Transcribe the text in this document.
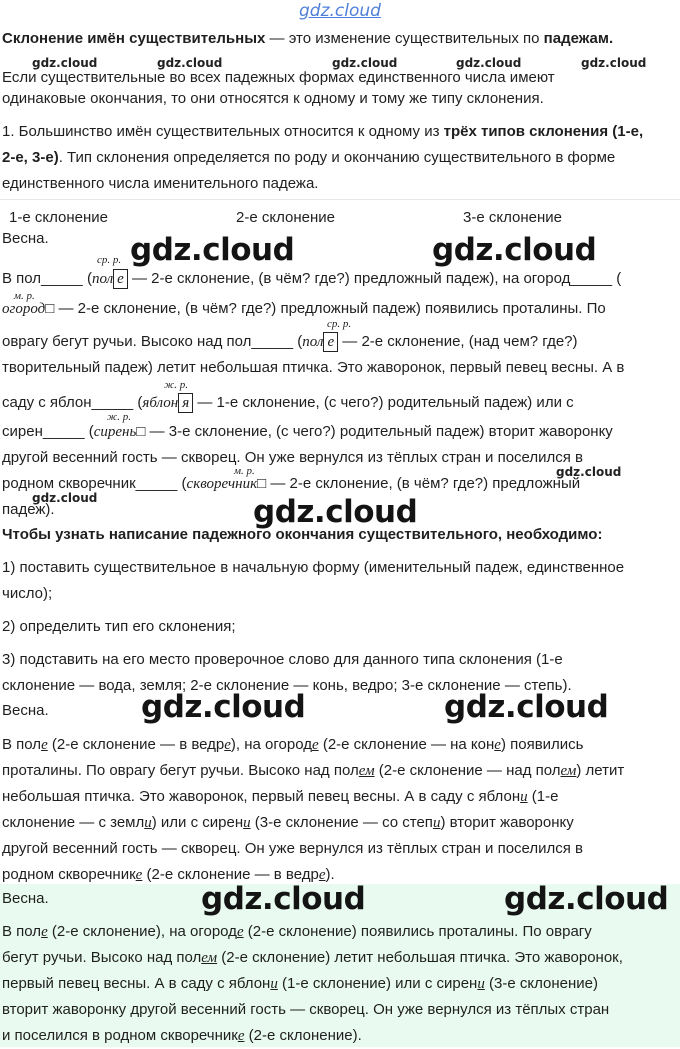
gdz.cloud
gdz.cloud	gdz.cloud	gdz.cloud	gdz.cloud	gdz.cloud
gdz.cloud
gdz.cloud
gdz.cloud	gdz.cloud
gdz.cloud
gdz.cloud	gdz.cloud
gdz.cloud	gdz.cloud
Склонение имён существительных — это изменение существительных по падежам.
Если существительные во всех падежных формах единственного числа имеют
одинаковые окончания, то они относятся к одному и тому же типу склонения.
1. Большинство имён существительных относится к одному из трёх типов склонения (1-е,
2-е, 3-е). Тип склонения определяется по роду и окончанию существительного в форме
единственного числа именительного падежа.
1-е склонение	2-е склонение	3-е склонение
Весна.
ср. р.
В пол_____ (пол е — 2-е склонение, (в чём? где?) предложный падеж), на огород_____ (
м. р.
огород□ — 2-е склонение, (в чём? где?) предложный падеж) появились проталины. По
ср. р.
оврагу бегут ручьи. Высоко над пол_____ (пол е — 2-е склонение, (над чем? где?)
творительный падеж) летит небольшая птичка. Это жаворонок, первый певец весны. А в
ж. р.
саду с яблон_____ (яблон я — 1-е склонение, (с чего?) родительный падеж) или с
ж. р.
сирен_____ (сирень□ — 3-е склонение, (с чего?) родительный падеж) вторит жаворонку
другой весенний гость — скворец. Он уже вернулся из тёплых стран и поселился в
м. р.
родном скворечник_____ (скворечник□ — 2-е склонение, (в чём? где?) предложный
падеж).
Чтобы узнать написание падежного окончания существительного, необходимо:
1) поставить существительное в начальную форму (именительный падеж, единственное
число);
2) определить тип его склонения;
3) подставить на его место проверочное слово для данного типа склонения (1-е
склонение — вода, земля; 2-е склонение — конь, ведро; 3-е склонение — степь).
Весна.
В поле (2-е склонение — в ведре), на огороде (2-е склонение — на коне) появились
проталины. По оврагу бегут ручьи. Высоко над полем (2-е склонение — над полем) летит
небольшая птичка. Это жаворонок, первый певец весны. А в саду с яблони (1-е
склонение — с земли) или с сирени (3-е склонение — со степи) вторит жаворонку
другой весенний гость — скворец. Он уже вернулся из тёплых стран и поселился в
родном скворечнике (2-е склонение — в ведре).
Весна.
В поле (2-е склонение), на огороде (2-е склонение) появились проталины. По оврагу
бегут ручьи. Высоко над полем (2-е склонение) летит небольшая птичка. Это жаворонок,
первый певец весны. А в саду с яблони (1-е склонение) или с сирени (3-е склонение)
вторит жаворонку другой весенний гость — скворец. Он уже вернулся из тёплых стран
и поселился в родном скворечнике (2-е склонение).
